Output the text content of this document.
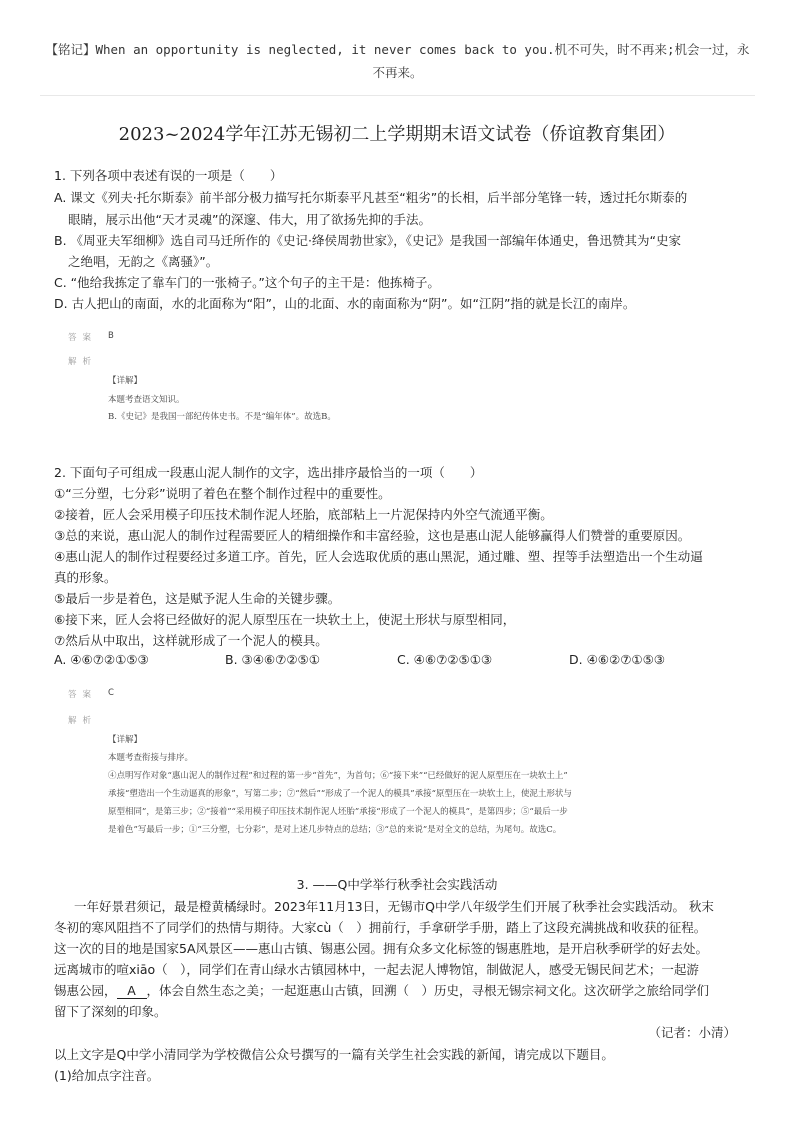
【铭记】When an opportunity is neglected, it never comes back to you.机不可失，时不再来;机会一过，永不再来。
2023~2024学年江苏无锡初二上学期期末语文试卷（侨谊教育集团）
1. 下列各项中表述有误的一项是（　　）
A. 课文《列夫·托尔斯泰》前半部分极力描写托尔斯泰平凡甚至“粗劣”的长相，后半部分笔锋一转，透过托尔斯泰的
眼睛，展示出他“天才灵魂”的深邃、伟大，用了欲扬先抑的手法。
B. 《周亚夫军细柳》选自司马迁所作的《史记·绛侯周勃世家》，《史记》是我国一部编年体通史，鲁迅赞其为“史家
之绝唱，无韵之《离骚》”。
C. “他给我拣定了靠车门的一张椅子。”这个句子的主干是：他拣椅子。
D. 古人把山的南面，水的北面称为“阳”，山的北面、水的南面称为“阴”。如“江阴”指的就是长江的南岸。
答案 B
解析
【详解】
本题考查语文知识。
B.《史记》是我国一部纪传体史书。不是“编年体”。故选B。
2. 下面句子可组成一段惠山泥人制作的文字，选出排序最恰当的一项（　　）
①“三分塑，七分彩”说明了着色在整个制作过程中的重要性。
②接着，匠人会采用模子印压技术制作泥人坯胎，底部粘上一片泥保持内外空气流通平衡。
③总的来说，惠山泥人的制作过程需要匠人的精细操作和丰富经验，这也是惠山泥人能够赢得人们赞誉的重要原因。
④惠山泥人的制作过程要经过多道工序。首先，匠人会选取优质的惠山黑泥，通过雕、塑、捏等手法塑造出一个生动逼
真的形象。
⑤最后一步是着色，这是赋予泥人生命的关键步骤。
⑥接下来，匠人会将已经做好的泥人原型压在一块软土上，使泥土形状与原型相同，
⑦然后从中取出，这样就形成了一个泥人的模具。
A. ④⑥⑦②①⑤③	B. ③④⑥⑦②⑤①	C. ④⑥⑦②⑤①③	D. ④⑥②⑦①⑤③
答案 C
解析
【详解】
本题考查衔接与排序。
④点明写作对象“惠山泥人的制作过程”和过程的第一步“首先”，为首句；⑥“接下来”“已经做好的泥人原型压在一块软土上”
承接“塑造出一个生动逼真的形象”，写第二步；⑦“然后”“形成了一个泥人的模具”承接“原型压在一块软土上，使泥土形状与
原型相同”，是第三步；②“接着”“采用模子印压技术制作泥人坯胎”承接“形成了一个泥人的模具”，是第四步；⑤“最后一步
是着色”写最后一步；①“三分塑，七分彩”，是对上述几步特点的总结；③“总的来说”是对全文的总结，为尾句。故选C。
3. ——Q中学举行秋季社会实践活动
一年好景君须记，最是橙黄橘绿时。2023年11月13日，无锡市Q中学八年级学生们开展了秋季社会实践活动。 秋末
冬初的寒风阻挡不了同学们的热情与期待。大家cù（　）拥前行，手拿研学手册，踏上了这段充满挑战和收获的征程。
这一次的目的地是国家5A风景区——惠山古镇、锡惠公园。拥有众多文化标签的锡惠胜地，是开启秋季研学的好去处。
远离城市的喧xiāo（　），同学们在青山绿水古镇园林中，一起去泥人博物馆，制做泥人，感受无锡民间艺术；一起游
锡惠公园， A ，体会自然生态之美；一起逛惠山古镇，回溯（　）历史，寻根无锡宗祠文化。这次研学之旅给同学们
留下了深刻的印象。
（记者：小清）
以上文字是Q中学小清同学为学校微信公众号撰写的一篇有关学生社会实践的新闻，请完成以下题目。
(1)给加点字注音。
